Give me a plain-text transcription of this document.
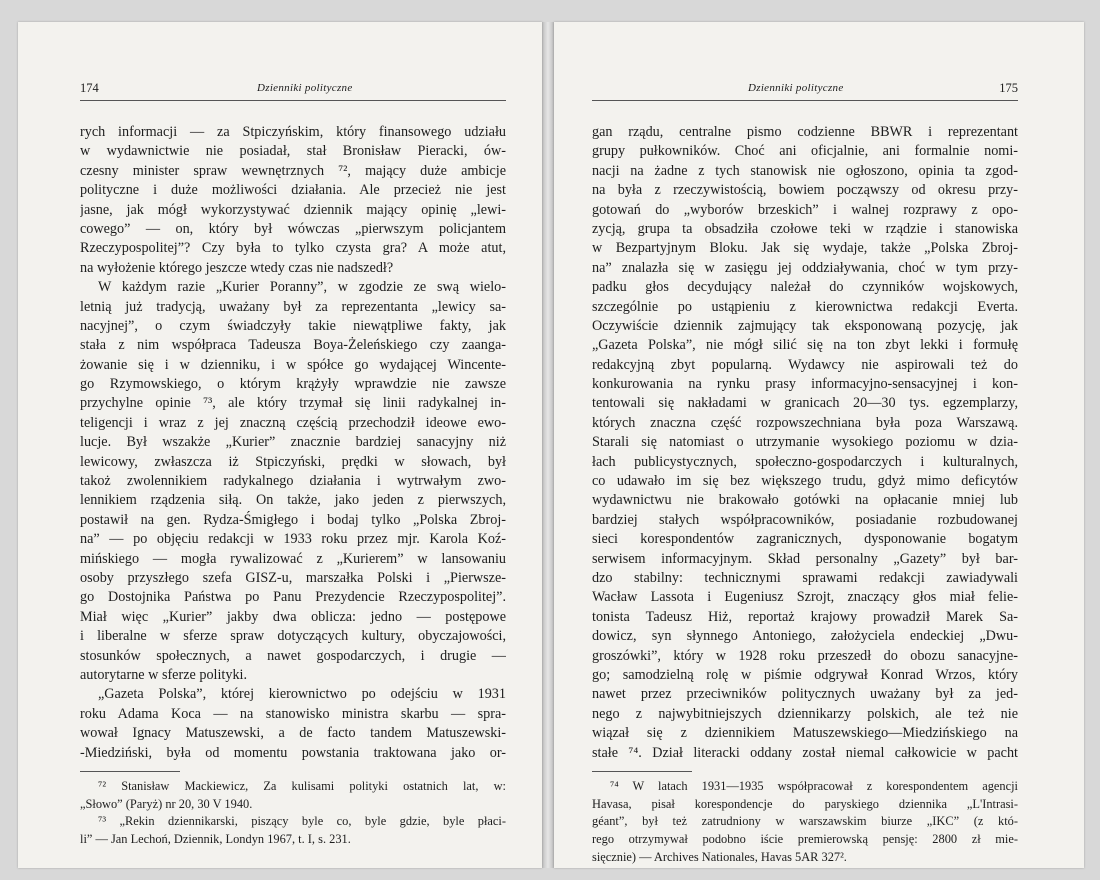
174	Dzienniki polityczne
rych informacji — za Stpiczyńskim, który finansowego udziału
w wydawnictwie nie posiadał, stał Bronisław Pieracki, ów-
czesny minister spraw wewnętrznych ⁷², mający duże ambicje
polityczne i duże możliwości działania. Ale przecież nie jest
jasne, jak mógł wykorzystywać dziennik mający opinię „lewi-
cowego” — on, który był wówczas „pierwszym policjantem
Rzeczypospolitej”? Czy była to tylko czysta gra? A może atut,
na wyłożenie którego jeszcze wtedy czas nie nadszedł?
W każdym razie „Kurier Poranny”, w zgodzie ze swą wielo-
letnią już tradycją, uważany był za reprezentanta „lewicy sa-
nacyjnej”, o czym świadczyły takie niewątpliwe fakty, jak
stała z nim współpraca Tadeusza Boya-Żeleńskiego czy zaanga-
żowanie się i w dzienniku, i w spółce go wydającej Wincente-
go Rzymowskiego, o którym krążyły wprawdzie nie zawsze
przychylne opinie ⁷³, ale który trzymał się linii radykalnej in-
teligencji i wraz z jej znaczną częścią przechodził ideowe ewo-
lucje. Był wszakże „Kurier” znacznie bardziej sanacyjny niż
lewicowy, zwłaszcza iż Stpiczyński, prędki w słowach, był
takoż zwolennikiem radykalnego działania i wytrwałym zwo-
lennikiem rządzenia siłą. On także, jako jeden z pierwszych,
postawił na gen. Rydza-Śmigłego i bodaj tylko „Polska Zbroj-
na” — po objęciu redakcji w 1933 roku przez mjr. Karola Koź-
mińskiego — mogła rywalizować z „Kurierem” w lansowaniu
osoby przyszłego szefa GISZ-u, marszałka Polski i „Pierwsze-
go Dostojnika Państwa po Panu Prezydencie Rzeczypospolitej”.
Miał więc „Kurier” jakby dwa oblicza: jedno — postępowe
i liberalne w sferze spraw dotyczących kultury, obyczajowości,
stosunków społecznych, a nawet gospodarczych, i drugie —
autorytarne w sferze polityki.
„Gazeta Polska”, której kierownictwo po odejściu w 1931
roku Adama Koca — na stanowisko ministra skarbu — spra-
wował Ignacy Matuszewski, a de facto tandem Matuszewski-
-Miedziński, była od momentu powstania traktowana jako or-
⁷² Stanisław Mackiewicz, Za kulisami polityki ostatnich lat, w:
„Słowo” (Paryż) nr 20, 30 V 1940.
⁷³ „Rekin dziennikarski, piszący byle co, byle gdzie, byle płaci-
li” — Jan Lechoń, Dziennik, Londyn 1967, t. I, s. 231.
Dzienniki polityczne	175
gan rządu, centralne pismo codzienne BBWR i reprezentant
grupy pułkowników. Choć ani oficjalnie, ani formalnie nomi-
nacji na żadne z tych stanowisk nie ogłoszono, opinia ta zgod-
na była z rzeczywistością, bowiem począwszy od okresu przy-
gotowań do „wyborów brzeskich” i walnej rozprawy z opo-
zycją, grupa ta obsadziła czołowe teki w rządzie i stanowiska
w Bezpartyjnym Bloku. Jak się wydaje, także „Polska Zbroj-
na” znalazła się w zasięgu jej oddziaływania, choć w tym przy-
padku głos decydujący należał do czynników wojskowych,
szczególnie po ustąpieniu z kierownictwa redakcji Everta.
Oczywiście dziennik zajmujący tak eksponowaną pozycję, jak
„Gazeta Polska”, nie mógł silić się na ton zbyt lekki i formułę
redakcyjną zbyt popularną. Wydawcy nie aspirowali też do
konkurowania na rynku prasy informacyjno-sensacyjnej i kon-
tentowali się nakładami w granicach 20—30 tys. egzemplarzy,
których znaczna część rozpowszechniana była poza Warszawą.
Starali się natomiast o utrzymanie wysokiego poziomu w dzia-
łach publicystycznych, społeczno-gospodarczych i kulturalnych,
co udawało im się bez większego trudu, gdyż mimo deficytów
wydawnictwu nie brakowało gotówki na opłacanie mniej lub
bardziej stałych współpracowników, posiadanie rozbudowanej
sieci korespondentów zagranicznych, dysponowanie bogatym
serwisem informacyjnym. Skład personalny „Gazety” był bar-
dzo stabilny: technicznymi sprawami redakcji zawiadywali
Wacław Lassota i Eugeniusz Szrojt, znaczący głos miał felie-
tonista Tadeusz Hiż, reportaż krajowy prowadził Marek Sa-
dowicz, syn słynnego Antoniego, założyciela endeckiej „Dwu-
groszówki”, który w 1928 roku przeszedł do obozu sanacyjne-
go; samodzielną rolę w piśmie odgrywał Konrad Wrzos, który
nawet przez przeciwników politycznych uważany był za jed-
nego z najwybitniejszych dziennikarzy polskich, ale też nie
wiązał się z dziennikiem Matuszewskiego—Miedzińskiego na
stałe ⁷⁴. Dział literacki oddany został niemal całkowicie w pacht
⁷⁴ W latach 1931—1935 współpracował z korespondentem agencji
Havasa, pisał korespondencje do paryskiego dziennika „L'Intrasi-
géant”, był też zatrudniony w warszawskim biurze „IKC” (z któ-
rego otrzymywał podobno iście premierowską pensję: 2800 zł mie-
sięcznie) — Archives Nationales, Havas 5AR 327².
